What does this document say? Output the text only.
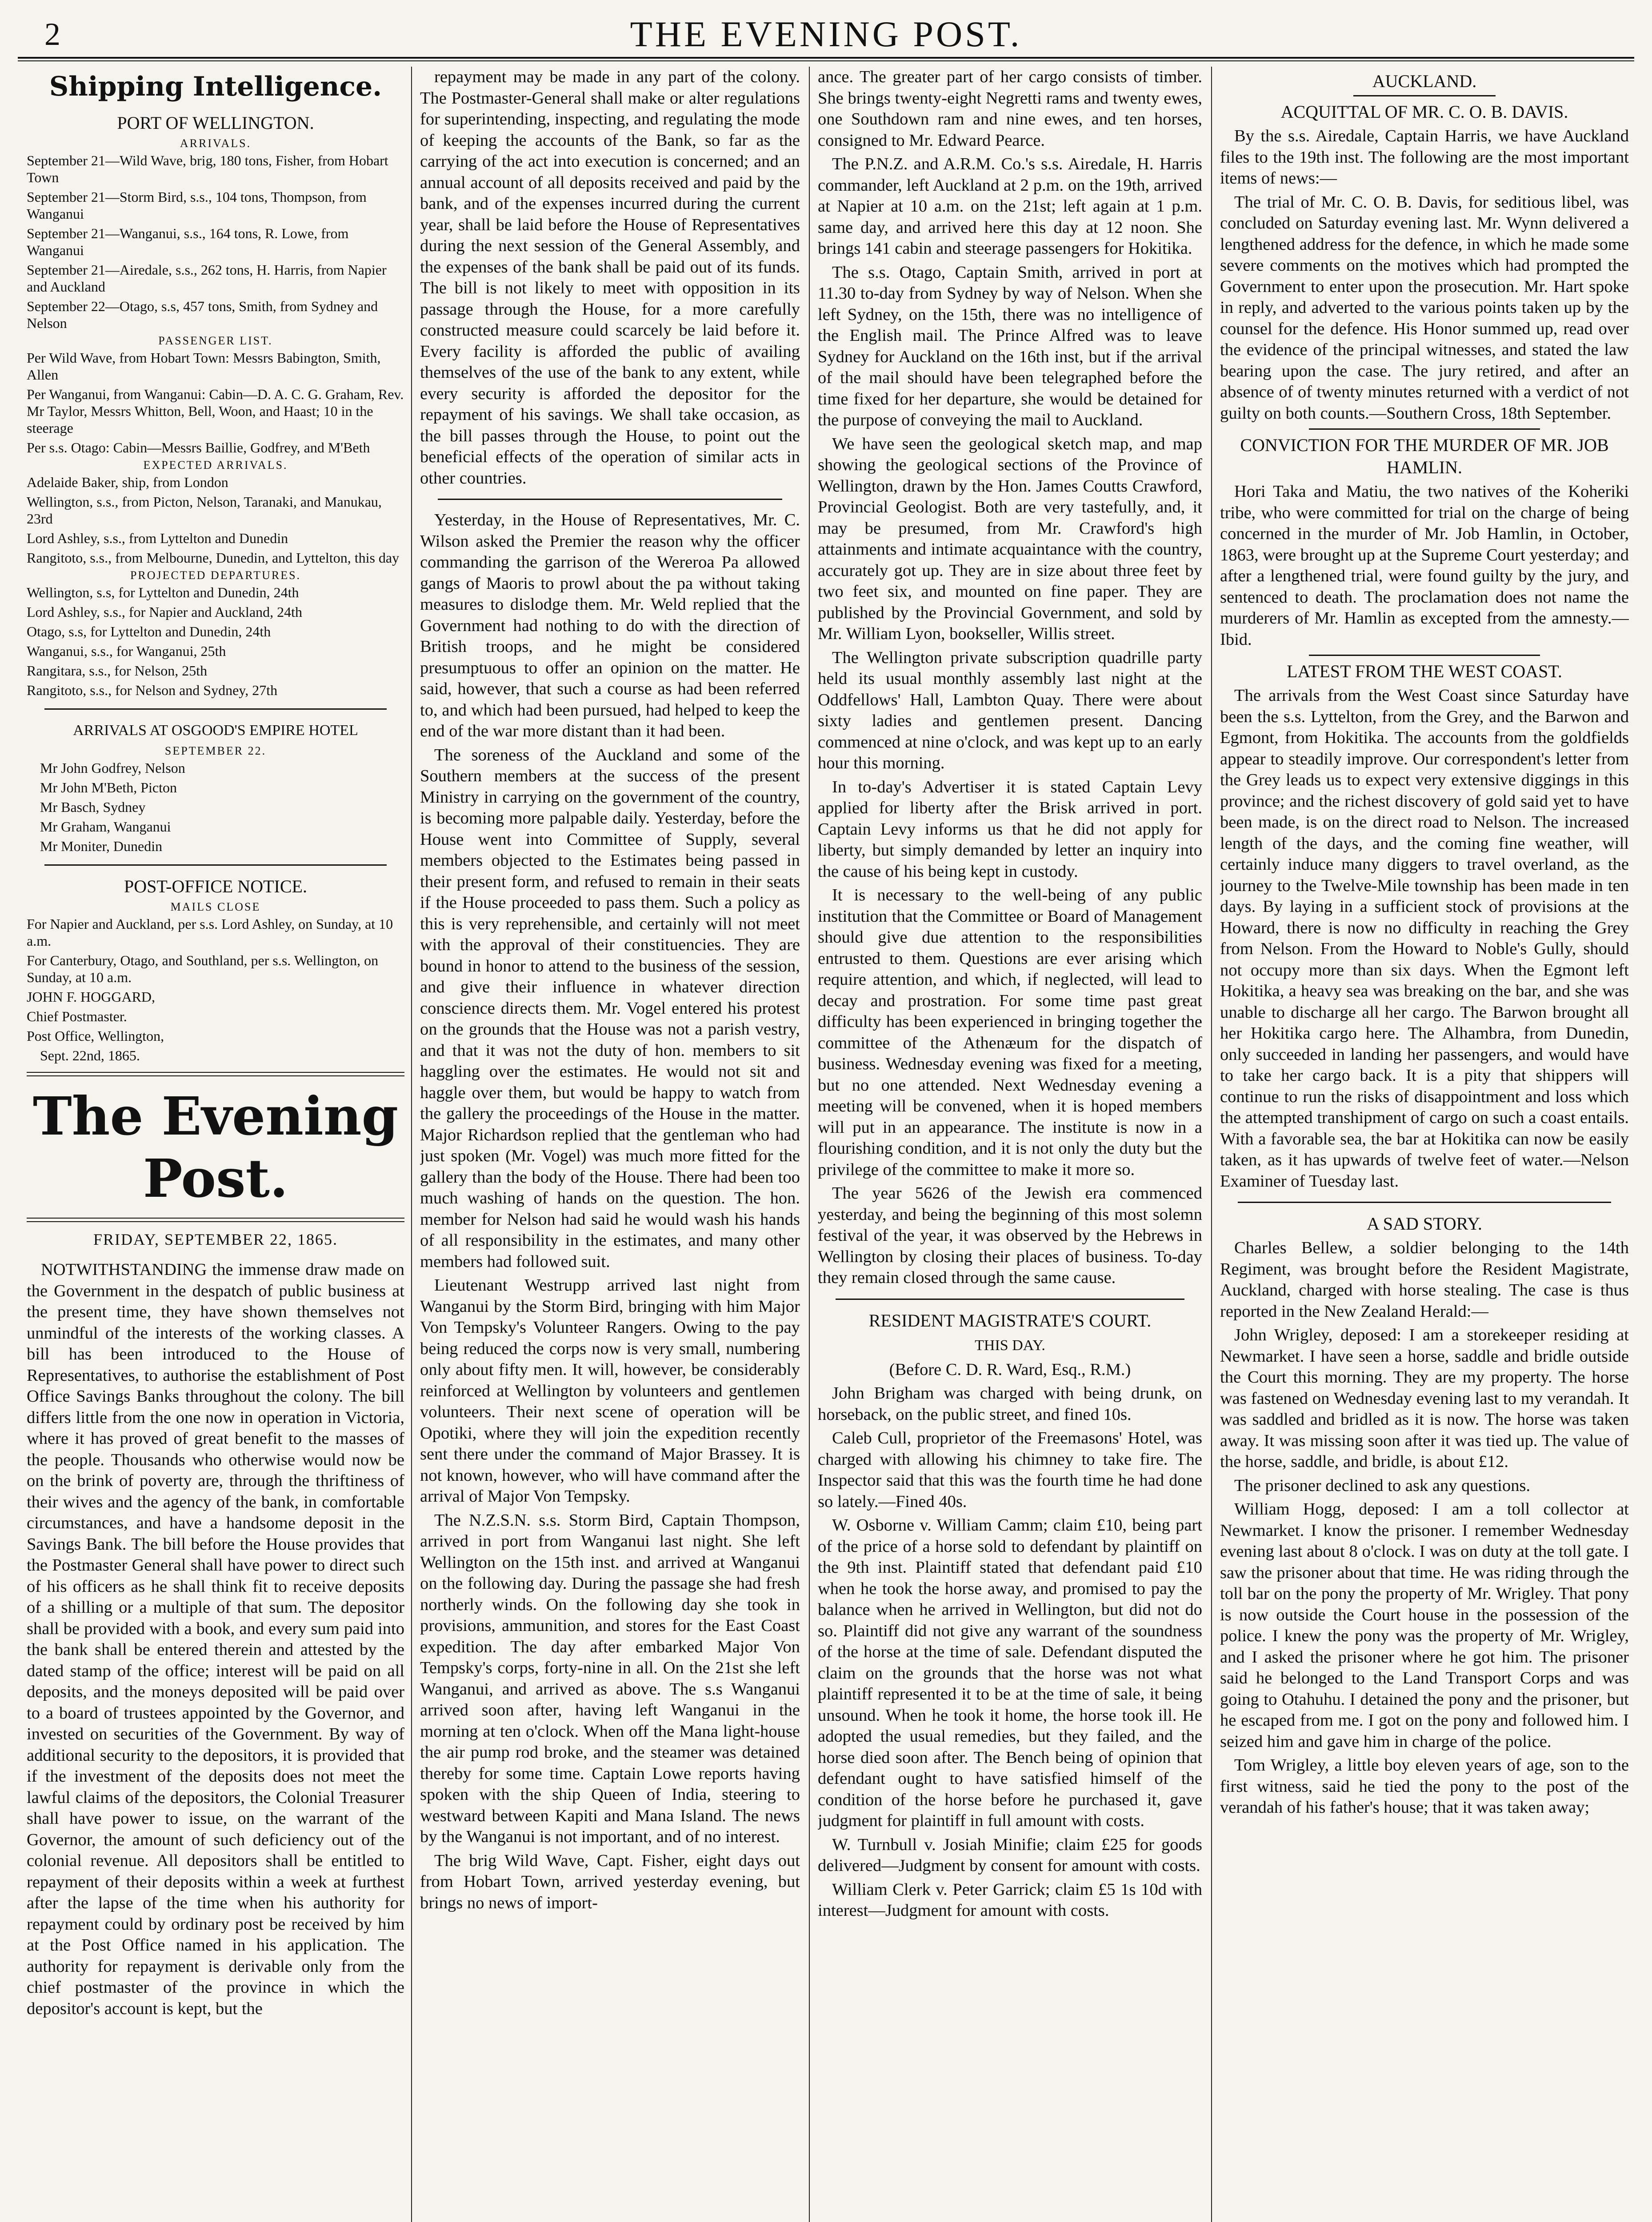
2	THE EVENING POST.
Shipping Intelligence.
PORT OF WELLINGTON.
ARRIVALS.

September 21—Wild Wave, brig, 180 tons, Fisher, from Hobart Town

September 21—Storm Bird, s.s., 104 tons, Thompson, from Wanganui

September 21—Wanganui, s.s., 164 tons, R. Lowe, from Wanganui

September 21—Airedale, s.s., 262 tons, H. Harris, from Napier and Auckland

September 22—Otago, s.s, 457 tons, Smith, from Sydney and Nelson

PASSENGER LIST.

Per Wild Wave, from Hobart Town: Messrs Babington, Smith, Allen

Per Wanganui, from Wanganui: Cabin—D. A. C. G. Graham, Rev. Mr Taylor, Messrs Whitton, Bell, Woon, and Haast; 10 in the steerage

Per s.s. Otago: Cabin—Messrs Baillie, Godfrey, and M'Beth

EXPECTED ARRIVALS.

Adelaide Baker, ship, from London

Wellington, s.s., from Picton, Nelson, Taranaki, and Manukau, 23rd

Lord Ashley, s.s., from Lyttelton and Dunedin

Rangitoto, s.s., from Melbourne, Dunedin, and Lyttelton, this day

PROJECTED DEPARTURES.

Wellington, s.s, for Lyttelton and Dunedin, 24th

Lord Ashley, s.s., for Napier and Auckland, 24th

Otago, s.s, for Lyttelton and Dunedin, 24th

Wanganui, s.s., for Wanganui, 25th

Rangitara, s.s., for Nelson, 25th

Rangitoto, s.s., for Nelson and Sydney, 27th

ARRIVALS AT OSGOOD'S EMPIRE HOTEL
SEPTEMBER 22.

Mr John Godfrey, Nelson

Mr John M'Beth, Picton

Mr Basch, Sydney

Mr Graham, Wanganui

Mr Moniter, Dunedin

POST-OFFICE NOTICE.
MAILS CLOSE

For Napier and Auckland, per s.s. Lord Ashley, on Sunday, at 10 a.m.

For Canterbury, Otago, and Southland, per s.s. Wellington, on Sunday, at 10 a.m.

JOHN F. HOGGARD,

Chief Postmaster.

Post Office, Wellington,

Sept. 22nd, 1865.

The Evening Post.
FRIDAY, SEPTEMBER 22, 1865.

NOTWITHSTANDING the immense draw made on the Government in the despatch of public business at the present time, they have shown themselves not unmindful of the interests of the working classes. A bill has been introduced to the House of Representatives, to authorise the establishment of Post Office Savings Banks throughout the colony. The bill differs little from the one now in operation in Victoria, where it has proved of great benefit to the masses of the people. Thousands who otherwise would now be on the brink of poverty are, through the thriftiness of their wives and the agency of the bank, in comfortable circumstances, and have a handsome deposit in the Savings Bank. The bill before the House provides that the Postmaster General shall have power to direct such of his officers as he shall think fit to receive deposits of a shilling or a multiple of that sum. The depositor shall be provided with a book, and every sum paid into the bank shall be entered therein and attested by the dated stamp of the office; interest will be paid on all deposits, and the moneys deposited will be paid over to a board of trustees appointed by the Governor, and invested on securities of the Government. By way of additional security to the depositors, it is provided that if the investment of the deposits does not meet the lawful claims of the depositors, the Colonial Treasurer shall have power to issue, on the warrant of the Governor, the amount of such deficiency out of the colonial revenue. All depositors shall be entitled to repayment of their deposits within a week at furthest after the lapse of the time when his authority for repayment could by ordinary post be received by him at the Post Office named in his application. The authority for repayment is derivable only from the chief postmaster of the province in which the depositor's account is kept, but the

repayment may be made in any part of the colony. The Postmaster-General shall make or alter regulations for superintending, inspecting, and regulating the mode of keeping the accounts of the Bank, so far as the carrying of the act into execution is concerned; and an annual account of all deposits received and paid by the bank, and of the expenses incurred during the current year, shall be laid before the House of Representatives during the next session of the General Assembly, and the expenses of the bank shall be paid out of its funds. The bill is not likely to meet with opposition in its passage through the House, for a more carefully constructed measure could scarcely be laid before it. Every facility is afforded the public of availing themselves of the use of the bank to any extent, while every security is afforded the depositor for the repayment of his savings. We shall take occasion, as the bill passes through the House, to point out the beneficial effects of the operation of similar acts in other countries.

Yesterday, in the House of Representatives, Mr. C. Wilson asked the Premier the reason why the officer commanding the garrison of the Wereroa Pa allowed gangs of Maoris to prowl about the pa without taking measures to dislodge them. Mr. Weld replied that the Government had nothing to do with the direction of British troops, and he might be considered presumptuous to offer an opinion on the matter. He said, however, that such a course as had been referred to, and which had been pursued, had helped to keep the end of the war more distant than it had been.

The soreness of the Auckland and some of the Southern members at the success of the present Ministry in carrying on the government of the country, is becoming more palpable daily. Yesterday, before the House went into Committee of Supply, several members objected to the Estimates being passed in their present form, and refused to remain in their seats if the House proceeded to pass them. Such a policy as this is very reprehensible, and certainly will not meet with the approval of their constituencies. They are bound in honor to attend to the business of the session, and give their influence in whatever direction conscience directs them. Mr. Vogel entered his protest on the grounds that the House was not a parish vestry, and that it was not the duty of hon. members to sit haggling over the estimates. He would not sit and haggle over them, but would be happy to watch from the gallery the proceedings of the House in the matter. Major Richardson replied that the gentleman who had just spoken (Mr. Vogel) was much more fitted for the gallery than the body of the House. There had been too much washing of hands on the question. The hon. member for Nelson had said he would wash his hands of all responsibility in the estimates, and many other members had followed suit.

Lieutenant Westrupp arrived last night from Wanganui by the Storm Bird, bringing with him Major Von Tempsky's Volunteer Rangers. Owing to the pay being reduced the corps now is very small, numbering only about fifty men. It will, however, be considerably reinforced at Wellington by volunteers and gentlemen volunteers. Their next scene of operation will be Opotiki, where they will join the expedition recently sent there under the command of Major Brassey. It is not known, however, who will have command after the arrival of Major Von Tempsky.

The N.Z.S.N. s.s. Storm Bird, Captain Thompson, arrived in port from Wanganui last night. She left Wellington on the 15th inst. and arrived at Wanganui on the following day. During the passage she had fresh northerly winds. On the following day she took in provisions, ammunition, and stores for the East Coast expedition. The day after embarked Major Von Tempsky's corps, forty-nine in all. On the 21st she left Wanganui, and arrived as above. The s.s Wanganui arrived soon after, having left Wanganui in the morning at ten o'clock. When off the Mana light-house the air pump rod broke, and the steamer was detained thereby for some time. Captain Lowe reports having spoken with the ship Queen of India, steering to westward between Kapiti and Mana Island. The news by the Wanganui is not important, and of no interest.

The brig Wild Wave, Capt. Fisher, eight days out from Hobart Town, arrived yesterday evening, but brings no news of import-

ance. The greater part of her cargo consists of timber. She brings twenty-eight Negretti rams and twenty ewes, one Southdown ram and nine ewes, and ten horses, consigned to Mr. Edward Pearce.

The P.N.Z. and A.R.M. Co.'s s.s. Airedale, H. Harris commander, left Auckland at 2 p.m. on the 19th, arrived at Napier at 10 a.m. on the 21st; left again at 1 p.m. same day, and arrived here this day at 12 noon. She brings 141 cabin and steerage passengers for Hokitika.

The s.s. Otago, Captain Smith, arrived in port at 11.30 to-day from Sydney by way of Nelson. When she left Sydney, on the 15th, there was no intelligence of the English mail. The Prince Alfred was to leave Sydney for Auckland on the 16th inst, but if the arrival of the mail should have been telegraphed before the time fixed for her departure, she would be detained for the purpose of conveying the mail to Auckland.

We have seen the geological sketch map, and map showing the geological sections of the Province of Wellington, drawn by the Hon. James Coutts Crawford, Provincial Geologist. Both are very tastefully, and, it may be presumed, from Mr. Crawford's high attainments and intimate acquaintance with the country, accurately got up. They are in size about three feet by two feet six, and mounted on fine paper. They are published by the Provincial Government, and sold by Mr. William Lyon, bookseller, Willis street.

The Wellington private subscription quadrille party held its usual monthly assembly last night at the Oddfellows' Hall, Lambton Quay. There were about sixty ladies and gentlemen present. Dancing commenced at nine o'clock, and was kept up to an early hour this morning.

In to-day's Advertiser it is stated Captain Levy applied for liberty after the Brisk arrived in port. Captain Levy informs us that he did not apply for liberty, but simply demanded by letter an inquiry into the cause of his being kept in custody.

It is necessary to the well-being of any public institution that the Committee or Board of Management should give due attention to the responsibilities entrusted to them. Questions are ever arising which require attention, and which, if neglected, will lead to decay and prostration. For some time past great difficulty has been experienced in bringing together the committee of the Athenæum for the dispatch of business. Wednesday evening was fixed for a meeting, but no one attended. Next Wednesday evening a meeting will be convened, when it is hoped members will put in an appearance. The institute is now in a flourishing condition, and it is not only the duty but the privilege of the committee to make it more so.

The year 5626 of the Jewish era commenced yesterday, and being the beginning of this most solemn festival of the year, it was observed by the Hebrews in Wellington by closing their places of business. To-day they remain closed through the same cause.

RESIDENT MAGISTRATE'S COURT.
THIS DAY.

(Before C. D. R. Ward, Esq., R.M.)

John Brigham was charged with being drunk, on horseback, on the public street, and fined 10s.

Caleb Cull, proprietor of the Freemasons' Hotel, was charged with allowing his chimney to take fire. The Inspector said that this was the fourth time he had done so lately.—Fined 40s.

W. Osborne v. William Camm; claim £10, being part of the price of a horse sold to defendant by plaintiff on the 9th inst. Plaintiff stated that defendant paid £10 when he took the horse away, and promised to pay the balance when he arrived in Wellington, but did not do so. Plaintiff did not give any warrant of the soundness of the horse at the time of sale. Defendant disputed the claim on the grounds that the horse was not what plaintiff represented it to be at the time of sale, it being unsound. When he took it home, the horse took ill. He adopted the usual remedies, but they failed, and the horse died soon after. The Bench being of opinion that defendant ought to have satisfied himself of the condition of the horse before he purchased it, gave judgment for plaintiff in full amount with costs.

W. Turnbull v. Josiah Minifie; claim £25 for goods delivered—Judgment by consent for amount with costs.

William Clerk v. Peter Garrick; claim £5 1s 10d with interest—Judgment for amount with costs.

AUCKLAND.
ACQUITTAL OF MR. C. O. B. DAVIS.

By the s.s. Airedale, Captain Harris, we have Auckland files to the 19th inst. The following are the most important items of news:—

The trial of Mr. C. O. B. Davis, for seditious libel, was concluded on Saturday evening last. Mr. Wynn delivered a lengthened address for the defence, in which he made some severe comments on the motives which had prompted the Government to enter upon the prosecution. Mr. Hart spoke in reply, and adverted to the various points taken up by the counsel for the defence. His Honor summed up, read over the evidence of the principal witnesses, and stated the law bearing upon the case. The jury retired, and after an absence of of twenty minutes returned with a verdict of not guilty on both counts.—Southern Cross, 18th September.

CONVICTION FOR THE MURDER OF MR. JOB HAMLIN.

Hori Taka and Matiu, the two natives of the Koheriki tribe, who were committed for trial on the charge of being concerned in the murder of Mr. Job Hamlin, in October, 1863, were brought up at the Supreme Court yesterday; and after a lengthened trial, were found guilty by the jury, and sentenced to death. The proclamation does not name the murderers of Mr. Hamlin as excepted from the amnesty.—Ibid.

LATEST FROM THE WEST COAST.

The arrivals from the West Coast since Saturday have been the s.s. Lyttelton, from the Grey, and the Barwon and Egmont, from Hokitika. The accounts from the goldfields appear to steadily improve. Our correspondent's letter from the Grey leads us to expect very extensive diggings in this province; and the richest discovery of gold said yet to have been made, is on the direct road to Nelson. The increased length of the days, and the coming fine weather, will certainly induce many diggers to travel overland, as the journey to the Twelve-Mile township has been made in ten days. By laying in a sufficient stock of provisions at the Howard, there is now no difficulty in reaching the Grey from Nelson. From the Howard to Noble's Gully, should not occupy more than six days. When the Egmont left Hokitika, a heavy sea was breaking on the bar, and she was unable to discharge all her cargo. The Barwon brought all her Hokitika cargo here. The Alhambra, from Dunedin, only succeeded in landing her passengers, and would have to take her cargo back. It is a pity that shippers will continue to run the risks of disappointment and loss which the attempted transhipment of cargo on such a coast entails. With a favorable sea, the bar at Hokitika can now be easily taken, as it has upwards of twelve feet of water.—Nelson Examiner of Tuesday last.

A SAD STORY.

Charles Bellew, a soldier belonging to the 14th Regiment, was brought before the Resident Magistrate, Auckland, charged with horse stealing. The case is thus reported in the New Zealand Herald:—

John Wrigley, deposed: I am a storekeeper residing at Newmarket. I have seen a horse, saddle and bridle outside the Court this morning. They are my property. The horse was fastened on Wednesday evening last to my verandah. It was saddled and bridled as it is now. The horse was taken away. It was missing soon after it was tied up. The value of the horse, saddle, and bridle, is about £12.

The prisoner declined to ask any questions.

William Hogg, deposed: I am a toll collector at Newmarket. I know the prisoner. I remember Wednesday evening last about 8 o'clock. I was on duty at the toll gate. I saw the prisoner about that time. He was riding through the toll bar on the pony the property of Mr. Wrigley. That pony is now outside the Court house in the possession of the police. I knew the pony was the property of Mr. Wrigley, and I asked the prisoner where he got him. The prisoner said he belonged to the Land Transport Corps and was going to Otahuhu. I detained the pony and the prisoner, but he escaped from me. I got on the pony and followed him. I seized him and gave him in charge of the police.

Tom Wrigley, a little boy eleven years of age, son to the first witness, said he tied the pony to the post of the verandah of his father's house; that it was taken away;
